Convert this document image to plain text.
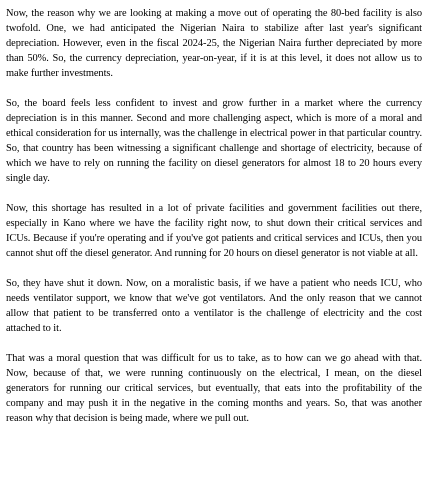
Now, the reason why we are looking at making a move out of operating the 80-bed facility is also twofold. One, we had anticipated the Nigerian Naira to stabilize after last year's significant depreciation. However, even in the fiscal 2024-25, the Nigerian Naira further depreciated by more than 50%. So, the currency depreciation, year-on-year, if it is at this level, it does not allow us to make further investments.

So, the board feels less confident to invest and grow further in a market where the currency depreciation is in this manner. Second and more challenging aspect, which is more of a moral and ethical consideration for us internally, was the challenge in electrical power in that particular country. So, that country has been witnessing a significant challenge and shortage of electricity, because of which we have to rely on running the facility on diesel generators for almost 18 to 20 hours every single day.

Now, this shortage has resulted in a lot of private facilities and government facilities out there, especially in Kano where we have the facility right now, to shut down their critical services and ICUs. Because if you're operating and if you've got patients and critical services and ICUs, then you cannot shut off the diesel generator. And running for 20 hours on diesel generator is not viable at all.

So, they have shut it down. Now, on a moralistic basis, if we have a patient who needs ICU, who needs ventilator support, we know that we've got ventilators. And the only reason that we cannot allow that patient to be transferred onto a ventilator is the challenge of electricity and the cost attached to it.

That was a moral question that was difficult for us to take, as to how can we go ahead with that. Now, because of that, we were running continuously on the electrical, I mean, on the diesel generators for running our critical services, but eventually, that eats into the profitability of the company and may push it in the negative in the coming months and years. So, that was another reason why that decision is being made, where we pull out.
